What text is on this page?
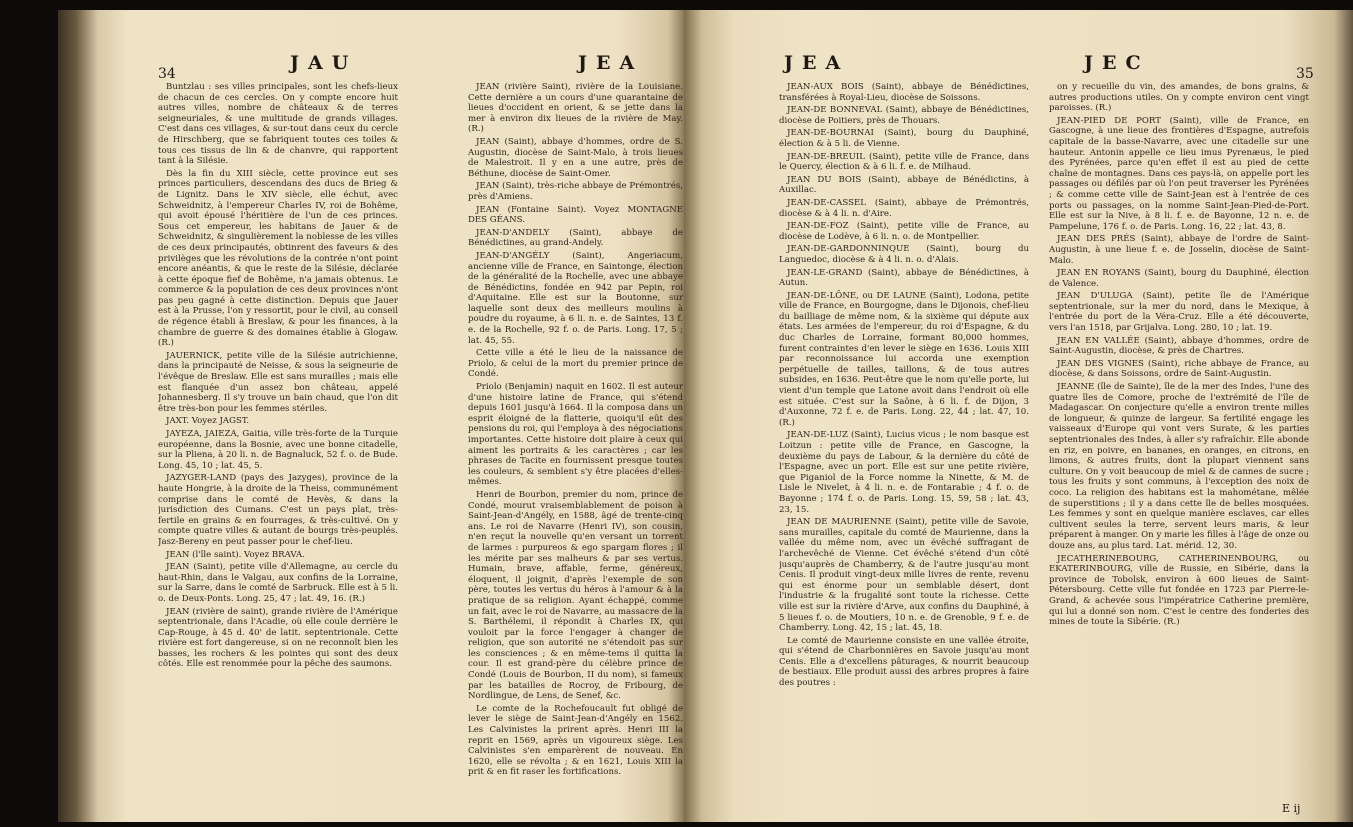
34	JAU	JEA

Buntzlau : ses villes principales, sont les chefs-lieux de chacun de ces cercles. On y compte encore huit autres villes, nombre de châteaux & de terres seigneuriales, & une multitude de grands villages. C'est dans ces villages, & sur-tout dans ceux du cercle de Hirschberg, que se fabriquent toutes ces toiles & tous ces tissus de lin & de chanvre, qui rapportent tant à la Silésie.

Dès la fin du XIII siècle, cette province eut ses princes particuliers, descendans des ducs de Brieg & de Lignitz. Dans le XIV siècle, elle échut, avec Schweidnitz, à l'empereur Charles IV, roi de Bohême, qui avoit épousé l'héritière de l'un de ces princes. Sous cet empereur, les habitans de Jauer & de Schweidnitz, & singulièrement la noblesse de les villes de ces deux principautés, obtinrent des faveurs & des privilèges que les révolutions de la contrée n'ont point encore anéantis, & que le reste de la Silésie, déclarée à cette époque fief de Bohême, n'a jamais obtenus. Le commerce & la population de ces deux provinces n'ont pas peu gagné à cette distinction. Depuis que Jauer est à la Prusse, l'on y ressortit, pour le civil, au conseil de régence établi à Breslaw, & pour les finances, à la chambre de guerre & des domaines établie à Glogaw. (R.)

JAUERNICK, petite ville de la Silésie autrichienne, dans la principauté de Neisse, & sous la seigneurie de l'évêque de Breslaw. Elle est sans murailles ; mais elle est flanquée d'un assez bon château, appelé Johannesberg. Il s'y trouve un bain chaud, que l'on dit être très-bon pour les femmes stériles.

JAXT. Voyez JAGST.

JAYEZA, JAIEZA, Gaitia, ville très-forte de la Turquie européenne, dans la Bosnie, avec une bonne citadelle, sur la Pliena, à 20 li. n. de Bagnaluck, 52 f. o. de Bude. Long. 45, 10 ; lat. 45, 5.

JAZYGER-LAND (pays des Jazyges), province de la haute Hongrie, à la droite de la Theiss, communément comprise dans le comté de Hevès, & dans la jurisdiction des Cumans. C'est un pays plat, très-fertile en grains & en fourrages, & très-cultivé. On y compte quatre villes & autant de bourgs très-peuplés. Jasz-Bereny en peut passer pour le chef-lieu.

JEAN (l'île saint). Voyez BRAVA.

JEAN (Saint), petite ville d'Allemagne, au cercle du haut-Rhin, dans le Valgau, aux confins de la Lorraine, sur la Sarre, dans le comté de Sarbruck. Elle est à 5 li. o. de Deux-Ponts. Long. 25, 47 ; lat. 49, 16. (R.)

JEAN (rivière de saint), grande rivière de l'Amérique septentrionale, dans l'Acadie, où elle coule derrière le Cap-Rouge, à 45 d. 40' de latit. septentrionale. Cette rivière est fort dangereuse, si on ne reconnoît bien les basses, les rochers & les pointes qui sont des deux côtés. Elle est renommée pour la pêche des saumons.

JEAN (rivière Saint), rivière de la Louisiane. Cette dernière a un cours d'une quarantaine de lieues d'occident en orient, & se jette dans la mer à environ dix lieues de la rivière de May. (R.)

JEAN (Saint), abbaye d'hommes, ordre de S. Augustin, diocèse de Saint-Malo, à trois lieues de Malestroit. Il y en a une autre, près de Béthune, diocèse de Saint-Omer.

JEAN (Saint), très-riche abbaye de Prémontrés, près d'Amiens.

JEAN (Fontaine Saint). Voyez MONTAGNE DES GÉANS.

JEAN-D'ANDELY (Saint), abbaye de Bénédictines, au grand-Andely.

JEAN-D'ANGÉLY (Saint), Angeriacum, ancienne ville de France, en Saintonge, élection de la généralité de la Rochelle, avec une abbaye de Bénédictins, fondée en 942 par Pepin, roi d'Aquitaine. Elle est sur la Boutonne, sur laquelle sont deux des meilleurs moulins à poudre du royaume, à 6 li. n. e. de Saintes, 13 f. e. de la Rochelle, 92 f. o. de Paris. Long. 17, 5 ; lat. 45, 55.

Cette ville a été le lieu de la naissance de Priolo, & celui de la mort du premier prince de Condé.

Priolo (Benjamin) naquit en 1602. Il est auteur d'une histoire latine de France, qui s'étend depuis 1601 jusqu'à 1664. Il la composa dans un esprit éloigné de la flatterie, quoiqu'il eût des pensions du roi, qui l'employa à des négociations importantes. Cette histoire doit plaire à ceux qui aiment les portraits & les caractères ; car les phrases de Tacite en fournissent presque toutes les couleurs, & semblent s'y être placées d'elles-mêmes.

Henri de Bourbon, premier du nom, prince de Condé, mourut vraisemblablement de poison à Saint-Jean-d'Angély, en 1588, âgé de trente-cinq ans. Le roi de Navarre (Henri IV), son cousin, n'en reçut la nouvelle qu'en versant un torrent de larmes : purpureos & ego spargam flores ; il les mérite par ses malheurs & par ses vertus. Humain, brave, affable, ferme, généreux, éloquent, il joignit, d'après l'exemple de son père, toutes les vertus du héros à l'amour & à la pratique de sa religion. Ayant échappé, comme un fait, avec le roi de Navarre, au massacre de la S. Barthélemi, il répondit à Charles IX, qui vouloit par la force l'engager à changer de religion, que son autorité ne s'étendoit pas sur les consciences ; & en même-tems il quitta la cour. Il est grand-père du célèbre prince de Condé (Louis de Bourbon, II du nom), si fameux par les batailles de Rocroy, de Fribourg, de Nordlingue, de Lens, de Senef, &c.

Le comte de la Rochefoucault fut obligé de lever le siège de Saint-Jean-d'Angély en 1562. Les Calvinistes la prirent après. Henri III la reprit en 1569, après un vigoureux siège. Les Calvinistes s'en emparèrent de nouveau. En 1620, elle se révolta ; & en 1621, Louis XIII la prit & en fit raser les fortifications.

JEA	JEC	35

JEAN-AUX BOIS (Saint), abbaye de Bénédictines, transférées à Royal-Lieu, diocèse de Soissons.

JEAN-DE BONNEVAL (Saint), abbaye de Bénédictines, diocèse de Poitiers, près de Thouars.

JEAN-DE-BOURNAI (Saint), bourg du Dauphiné, élection & à 5 li. de Vienne.

JEAN-DE-BREUIL (Saint), petite ville de France, dans le Quercy, élection & à 6 li. f. e. de Milhaud.

JEAN DU BOIS (Saint), abbaye de Bénédictins, à Auxillac.

JEAN-DE-CASSEL (Saint), abbaye de Prémontrés, diocèse & à 4 li. n. d'Aire.

JEAN-DE-FOZ (Saint), petite ville de France, au diocèse de Lodève, à 6 li. n. o. de Montpellier.

JEAN-DE-GARDONNINQUE (Saint), bourg du Languedoc, diocèse & à 4 li. n. o. d'Alais.

JEAN-LE-GRAND (Saint), abbaye de Bénédictines, à Autun.

JEAN-DE-LÔNE, ou DE LAUNE (Saint), Lodona, petite ville de France, en Bourgogne, dans le Dijonois, chef-lieu du bailliage de même nom, & la sixième qui députe aux états. Les armées de l'empereur, du roi d'Espagne, & du duc Charles de Lorraine, formant 80,000 hommes, furent contraintes d'en lever le siège en 1636. Louis XIII par reconnoissance lui accorda une exemption perpétuelle de tailles, taillons, & de tous autres subsides, en 1636. Peut-être que le nom qu'elle porte, lui vient d'un temple que Latone avoit dans l'endroit où elle est située. C'est sur la Saône, à 6 li. f. de Dijon, 3 d'Auxonne, 72 f. e. de Paris. Long. 22, 44 ; lat. 47, 10. (R.)

JEAN-DE-LUZ (Saint), Lucius vicus ; le nom basque est Loitzun : petite ville de France, en Gascogne, la deuxième du pays de Labour, & la dernière du côté de l'Espagne, avec un port. Elle est sur une petite rivière, que Piganiol de la Force nomme la Ninette, & M. de Lisle le Nivelet, à 4 li. n. e. de Fontarabie ; 4 f. o. de Bayonne ; 174 f. o. de Paris. Long. 15, 59, 58 ; lat. 43, 23, 15.

JEAN DE MAURIENNE (Saint), petite ville de Savoie, sans murailles, capitale du comté de Maurienne, dans la vallée du même nom, avec un évêché suffragant de l'archevêché de Vienne. Cet évêché s'étend d'un côté jusqu'auprès de Chamberry, & de l'autre jusqu'au mont Cenis. Il produit vingt-deux mille livres de rente, revenu qui est énorme pour un semblable désert, dont l'industrie & la frugalité sont toute la richesse. Cette ville est sur la rivière d'Arve, aux confins du Dauphiné, à 5 lieues f. o. de Moutiers, 10 n. e. de Grenoble, 9 f. e. de Chamberry. Long. 42, 15 ; lat. 45, 18.

Le comté de Maurienne consiste en une vallée étroite, qui s'étend de Charbonnières en Savoie jusqu'au mont Cenis. Elle a d'excellens pâturages, & nourrit beaucoup de bestiaux. Elle produit aussi des arbres propres à faire des poutres :

on y recueille du vin, des amandes, de bons grains, & autres productions utiles. On y compte environ cent vingt paroisses. (R.)

JEAN-PIED DE PORT (Saint), ville de France, en Gascogne, à une lieue des frontières d'Espagne, autrefois capitale de la basse-Navarre, avec une citadelle sur une hauteur. Antonin appelle ce lieu imus Pyrenæus, le pied des Pyrénées, parce qu'en effet il est au pied de cette chaîne de montagnes. Dans ces pays-là, on appelle port les passages ou défilés par où l'on peut traverser les Pyrénées ; & comme cette ville de Saint-Jean est à l'entrée de ces ports ou passages, on la nomme Saint-Jean-Pied-de-Port. Elle est sur la Nive, à 8 li. f. e. de Bayonne, 12 n. e. de Pampelune, 176 f. o. de Paris. Long. 16, 22 ; lat. 43, 8.

JEAN DES PRÉS (Saint), abbaye de l'ordre de Saint-Augustin, à une lieue f. e. de Josselin, diocèse de Saint-Malo.

JEAN EN ROYANS (Saint), bourg du Dauphiné, élection de Valence.

JEAN D'ULUGA (Saint), petite île de l'Amérique septentrionale, sur la mer du nord, dans le Mexique, à l'entrée du port de la Véra-Cruz. Elle a été découverte, vers l'an 1518, par Grijalva. Long. 280, 10 ; lat. 19.

JEAN EN VALLÉE (Saint), abbaye d'hommes, ordre de Saint-Augustin, diocèse, & près de Chartres.

JEAN DES VIGNES (Saint), riche abbaye de France, au diocèse, & dans Soissons, ordre de Saint-Augustin.

JEANNE (île de Sainte), île de la mer des Indes, l'une des quatre îles de Comore, proche de l'extrémité de l'île de Madagascar. On conjecture qu'elle a environ trente milles de longueur, & quinze de largeur. Sa fertilité engage les vaisseaux d'Europe qui vont vers Surate, & les parties septentrionales des Indes, à aller s'y rafraîchir. Elle abonde en riz, en poivre, en bananes, en oranges, en citrons, en limons, & autres fruits, dont la plupart viennent sans culture. On y voit beaucoup de miel & de cannes de sucre ; tous les fruits y sont communs, à l'exception des noix de coco. La religion des habitans est la mahométane, mêlée de superstitions ; il y a dans cette île de belles mosquées. Les femmes y sont en quelque manière esclaves, car elles cultivent seules la terre, servent leurs maris, & leur préparent à manger. On y marie les filles à l'âge de onze ou douze ans, au plus tard. Lat. mérid. 12, 30.

JECATHERINEBOURG, CATHERINENBOURG, ou EKATERINBOURG, ville de Russie, en Sibérie, dans la province de Tobolsk, environ à 600 lieues de Saint-Pétersbourg. Cette ville fut fondée en 1723 par Pierre-le-Grand, & achevée sous l'impératrice Catherine première, qui lui a donné son nom. C'est le centre des fonderies des mines de toute la Sibérie. (R.)

E ij
